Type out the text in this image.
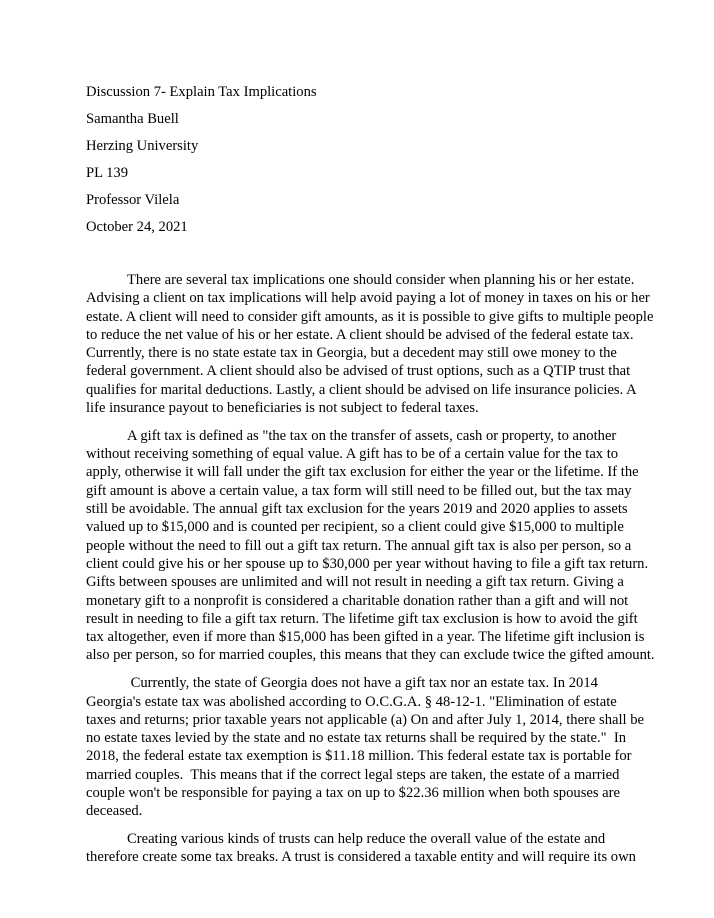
Discussion 7- Explain Tax Implications
Samantha Buell
Herzing University
PL 139
Professor Vilela
October 24, 2021
There are several tax implications one should consider when planning his or her estate.
Advising a client on tax implications will help avoid paying a lot of money in taxes on his or her
estate. A client will need to consider gift amounts, as it is possible to give gifts to multiple people
to reduce the net value of his or her estate. A client should be advised of the federal estate tax.
Currently, there is no state estate tax in Georgia, but a decedent may still owe money to the
federal government. A client should also be advised of trust options, such as a QTIP trust that
qualifies for marital deductions. Lastly, a client should be advised on life insurance policies. A
life insurance payout to beneficiaries is not subject to federal taxes.
A gift tax is defined as "the tax on the transfer of assets, cash or property, to another
without receiving something of equal value. A gift has to be of a certain value for the tax to
apply, otherwise it will fall under the gift tax exclusion for either the year or the lifetime. If the
gift amount is above a certain value, a tax form will still need to be filled out, but the tax may
still be avoidable. The annual gift tax exclusion for the years 2019 and 2020 applies to assets
valued up to $15,000 and is counted per recipient, so a client could give $15,000 to multiple
people without the need to fill out a gift tax return. The annual gift tax is also per person, so a
client could give his or her spouse up to $30,000 per year without having to file a gift tax return.
Gifts between spouses are unlimited and will not result in needing a gift tax return. Giving a
monetary gift to a nonprofit is considered a charitable donation rather than a gift and will not
result in needing to file a gift tax return. The lifetime gift tax exclusion is how to avoid the gift
tax altogether, even if more than $15,000 has been gifted in a year. The lifetime gift inclusion is
also per person, so for married couples, this means that they can exclude twice the gifted amount.
Currently, the state of Georgia does not have a gift tax nor an estate tax. In 2014
Georgia's estate tax was abolished according to O.C.G.A. § 48-12-1. "Elimination of estate
taxes and returns; prior taxable years not applicable (a) On and after July 1, 2014, there shall be
no estate taxes levied by the state and no estate tax returns shall be required by the state."  In
2018, the federal estate tax exemption is $11.18 million. This federal estate tax is portable for
married couples.  This means that if the correct legal steps are taken, the estate of a married
couple won't be responsible for paying a tax on up to $22.36 million when both spouses are
deceased.
Creating various kinds of trusts can help reduce the overall value of the estate and
therefore create some tax breaks. A trust is considered a taxable entity and will require its own
